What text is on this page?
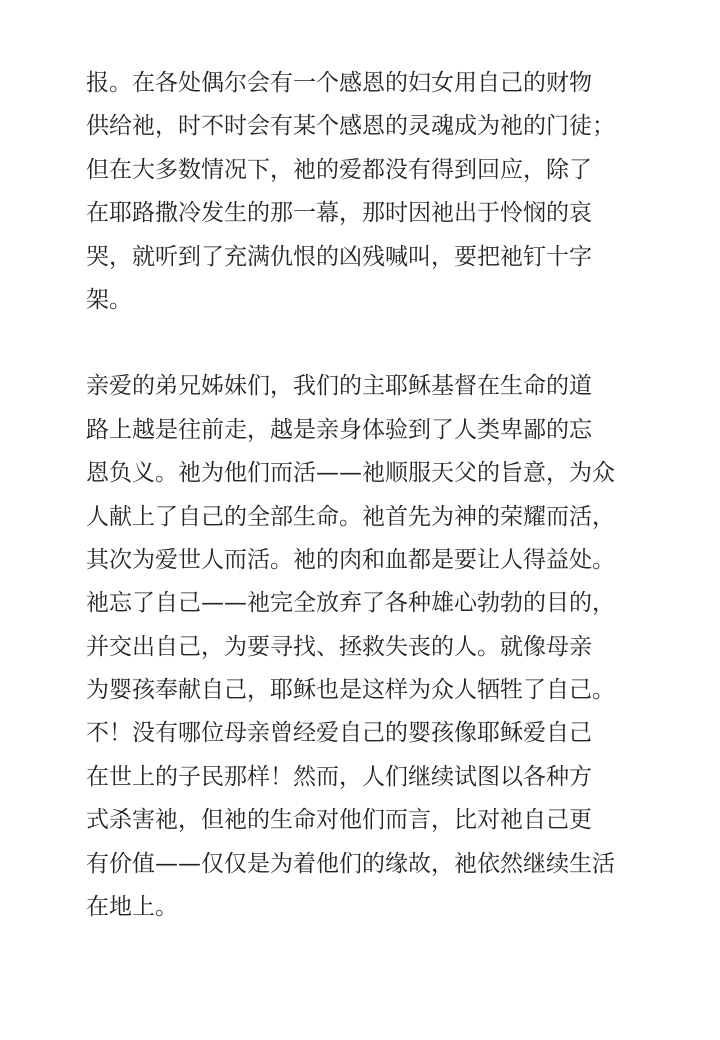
报。在各处偶尔会有一个感恩的妇女用自己的财物
供给祂，时不时会有某个感恩的灵魂成为祂的门徒；
但在大多数情况下，祂的爱都没有得到回应，除了
在耶路撒冷发生的那一幕，那时因祂出于怜悯的哀
哭，就听到了充满仇恨的凶残喊叫，要把祂钉十字
架。

亲爱的弟兄姊妹们，我们的主耶稣基督在生命的道
路上越是往前走，越是亲身体验到了人类卑鄙的忘
恩负义。祂为他们而活——祂顺服天父的旨意，为众
人献上了自己的全部生命。祂首先为神的荣耀而活，
其次为爱世人而活。祂的肉和血都是要让人得益处。
祂忘了自己——祂完全放弃了各种雄心勃勃的目的，
并交出自己，为要寻找、拯救失丧的人。就像母亲
为婴孩奉献自己，耶稣也是这样为众人牺牲了自己。
不！没有哪位母亲曾经爱自己的婴孩像耶稣爱自己
在世上的子民那样！然而，人们继续试图以各种方
式杀害祂，但祂的生命对他们而言，比对祂自己更
有价值——仅仅是为着他们的缘故，祂依然继续生活
在地上。
